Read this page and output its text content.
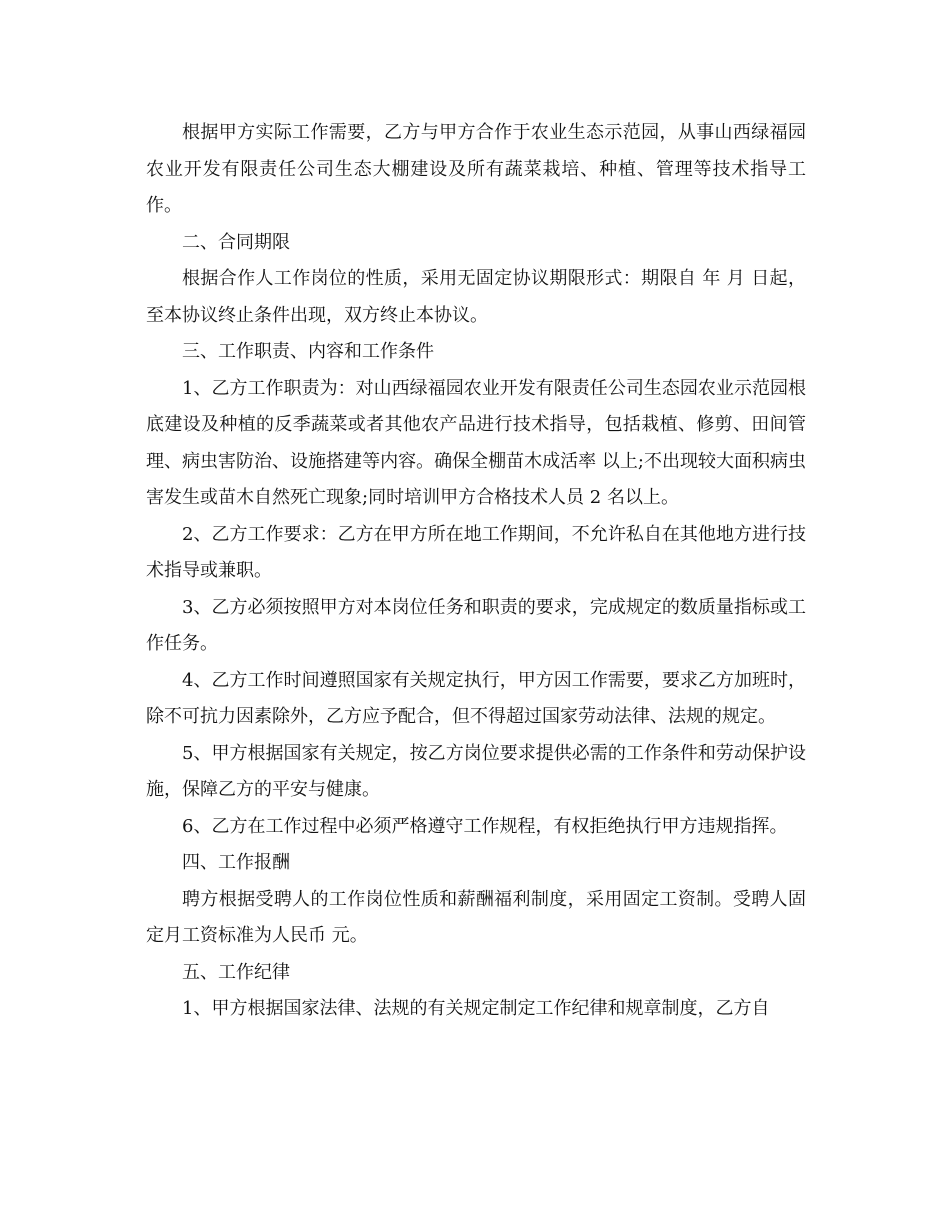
根据甲方实际工作需要，乙方与甲方合作于农业生态示范园，从事山西绿福园农业开发有限责任公司生态大棚建设及所有蔬菜栽培、种植、管理等技术指导工作。

二、合同期限

根据合作人工作岗位的性质，采用无固定协议期限形式：期限自 年 月 日起，至本协议终止条件出现，双方终止本协议。

三、工作职责、内容和工作条件

1、乙方工作职责为：对山西绿福园农业开发有限责任公司生态园农业示范园根底建设及种植的反季蔬菜或者其他农产品进行技术指导，包括栽植、修剪、田间管理、病虫害防治、设施搭建等内容。确保全棚苗木成活率 以上;不出现较大面积病虫害发生或苗木自然死亡现象;同时培训甲方合格技术人员 2 名以上。

2、乙方工作要求：乙方在甲方所在地工作期间，不允许私自在其他地方进行技术指导或兼职。

3、乙方必须按照甲方对本岗位任务和职责的要求，完成规定的数质量指标或工作任务。

4、乙方工作时间遵照国家有关规定执行，甲方因工作需要，要求乙方加班时，除不可抗力因素除外，乙方应予配合，但不得超过国家劳动法律、法规的规定。

5、甲方根据国家有关规定，按乙方岗位要求提供必需的工作条件和劳动保护设施，保障乙方的平安与健康。

6、乙方在工作过程中必须严格遵守工作规程，有权拒绝执行甲方违规指挥。

四、工作报酬

聘方根据受聘人的工作岗位性质和薪酬福利制度，采用固定工资制。受聘人固定月工资标准为人民币 元。

五、工作纪律

1、甲方根据国家法律、法规的有关规定制定工作纪律和规章制度，乙方自
